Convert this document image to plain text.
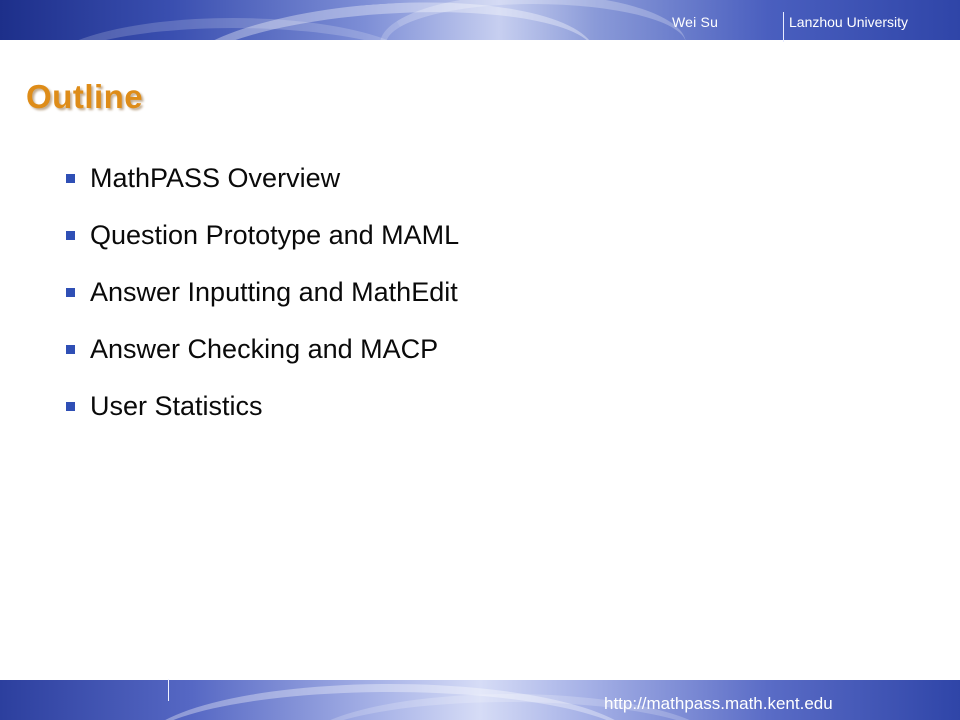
Wei Su	Lanzhou University
Outline
MathPASS Overview
Question Prototype and MAML
Answer Inputting and MathEdit
Answer Checking and MACP
User Statistics
http://mathpass.math.kent.edu
